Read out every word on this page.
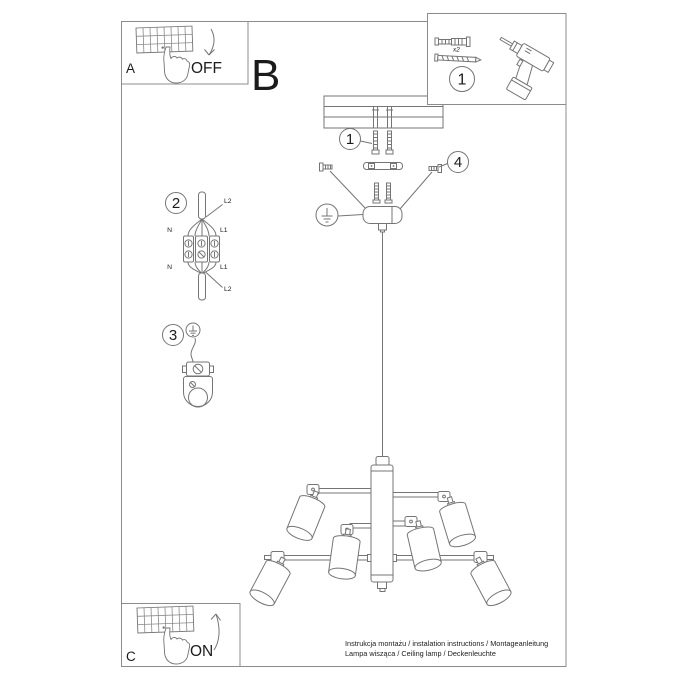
1
4
2
N	L1
L2
N	L1
L2
3
A	OFF B
x2
1
C	ON	Instrukcja montażu / instalation instructions / Montageanleitung
Lampa wisząca / Ceiling lamp / Deckenleuchte
